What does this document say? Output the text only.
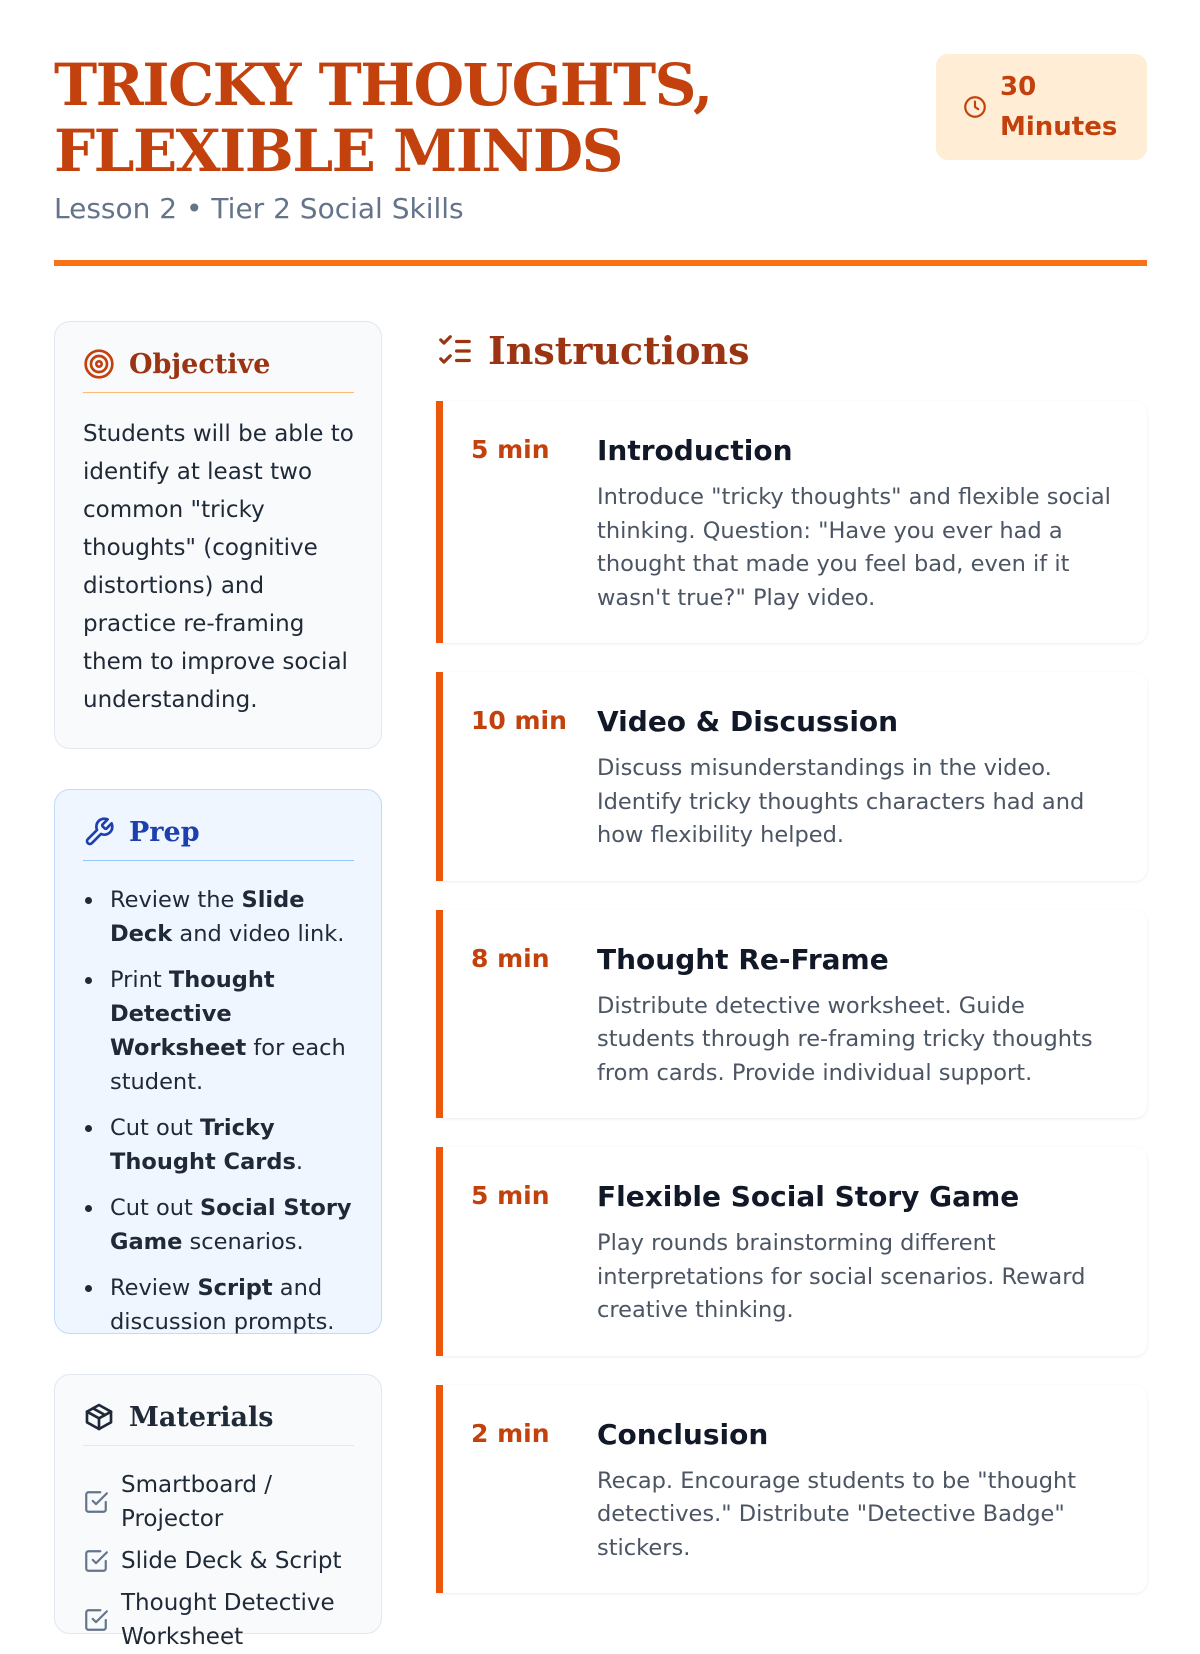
TRICKY THOUGHTS, FLEXIBLE MINDS
Lesson 2 • Tier 2 Social Skills
30 Minutes
Objective

Students will be able to identify at least two common "tricky thoughts" (cognitive distortions) and practice re-framing them to improve social understanding.

Prep
Review the Slide Deck and video link.
Print Thought Detective Worksheet for each student.
Cut out Tricky Thought Cards.
Cut out Social Story Game scenarios.
Review Script and discussion prompts.
Materials
Smartboard / Projector
Slide Deck & Script
Thought Detective Worksheet
Instructions
5 min	Introduction
Introduce "tricky thoughts" and flexible social thinking. Question: "Have you ever had a thought that made you feel bad, even if it wasn't true?" Play video.
10 min	Video & Discussion
Discuss misunderstandings in the video. Identify tricky thoughts characters had and how flexibility helped.
8 min	Thought Re-Frame
Distribute detective worksheet. Guide students through re-framing tricky thoughts from cards. Provide individual support.
5 min	Flexible Social Story Game
Play rounds brainstorming different interpretations for social scenarios. Reward creative thinking.
2 min	Conclusion
Recap. Encourage students to be "thought detectives." Distribute "Detective Badge" stickers.
